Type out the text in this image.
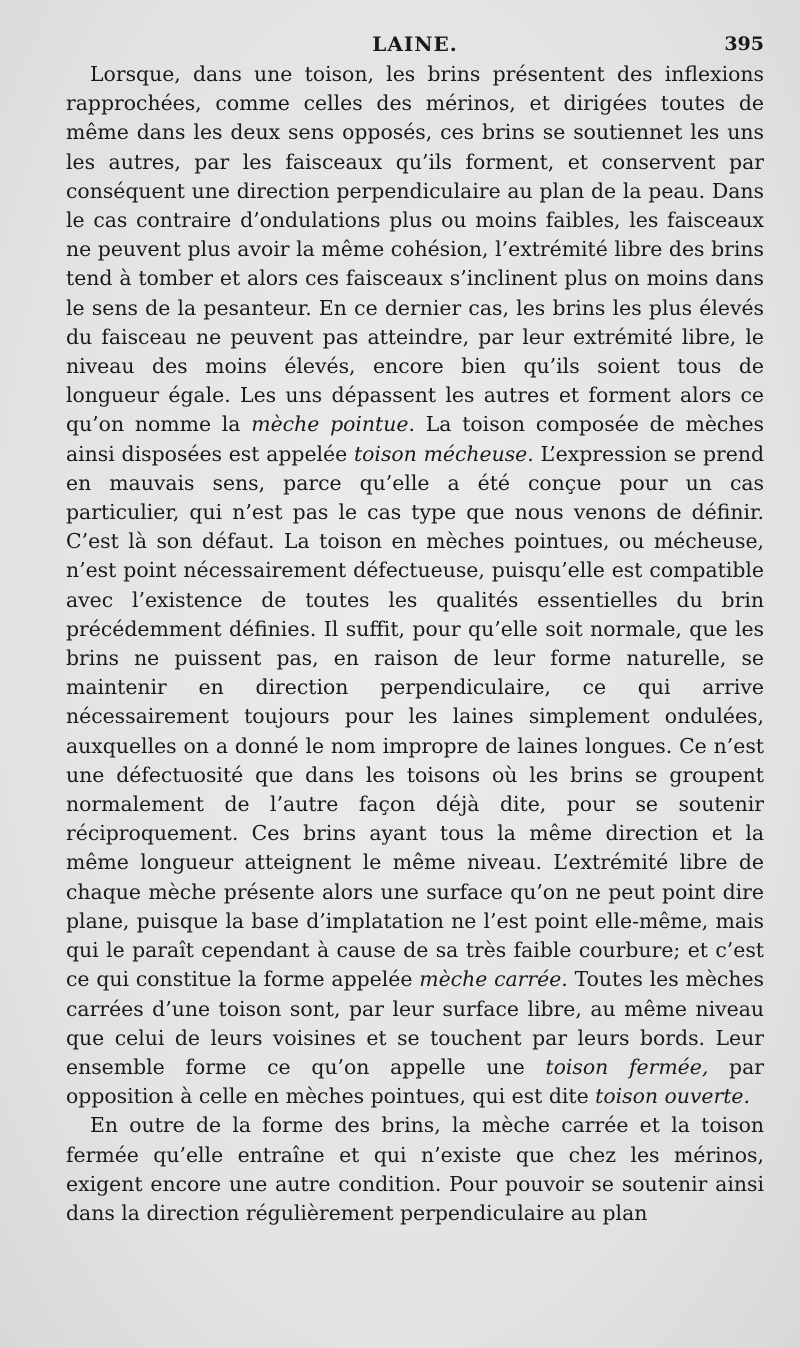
LAINE.	395

Lorsque, dans une toison, les brins présentent des inflexions rapprochées, comme celles des mérinos, et dirigées toutes de même dans les deux sens opposés, ces brins se soutiennet les uns les autres, par les faisceaux qu’ils forment, et conservent par conséquent une direction perpendiculaire au plan de la peau. Dans le cas contraire d’ondulations plus ou moins faibles, les faisceaux ne peuvent plus avoir la même cohésion, l’extrémité libre des brins tend à tomber et alors ces faisceaux s’inclinent plus on moins dans le sens de la pesanteur. En ce dernier cas, les brins les plus élevés du faisceau ne peuvent pas atteindre, par leur extrémité libre, le niveau des moins élevés, encore bien qu’ils soient tous de longueur égale. Les uns dépassent les autres et forment alors ce qu’on nomme la mèche pointue. La toison composée de mèches ainsi disposées est appelée toison mécheuse. L’expression se prend en mauvais sens, parce qu’elle a été conçue pour un cas particulier, qui n’est pas le cas type que nous venons de définir. C’est là son défaut. La toison en mèches pointues, ou mécheuse, n’est point nécessairement défectueuse, puisqu’elle est compatible avec l’existence de toutes les qualités essentielles du brin précédemment définies. Il suffit, pour qu’elle soit normale, que les brins ne puissent pas, en raison de leur forme naturelle, se maintenir en direction perpendiculaire, ce qui arrive nécessairement toujours pour les laines simplement ondulées, auxquelles on a donné le nom impropre de laines longues. Ce n’est une défectuosité que dans les toisons où les brins se groupent normalement de l’autre façon déjà dite, pour se soutenir réciproquement. Ces brins ayant tous la même direction et la même longueur atteignent le même niveau. L’extrémité libre de chaque mèche présente alors une surface qu’on ne peut point dire plane, puisque la base d’implatation ne l’est point elle-même, mais qui le paraît cependant à cause de sa très faible courbure; et c’est ce qui constitue la forme appelée mèche carrée. Toutes les mèches carrées d’une toison sont, par leur surface libre, au même niveau que celui de leurs voisines et se touchent par leurs bords. Leur ensemble forme ce qu’on appelle une toison fermée, par opposition à celle en mèches pointues, qui est dite toison ouverte.

En outre de la forme des brins, la mèche carrée et la toison fermée qu’elle entraîne et qui n’existe que chez les mérinos, exigent encore une autre condition. Pour pouvoir se soutenir ainsi dans la direction régulièrement perpendiculaire au plan
